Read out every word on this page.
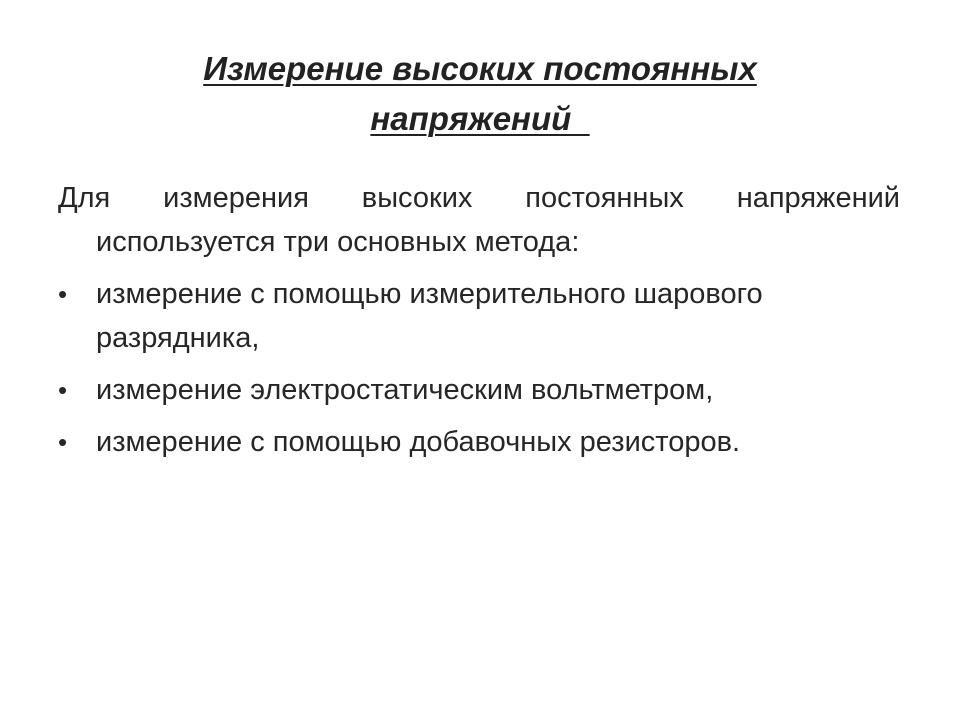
Измерение высоких постоянных
напряжений

Для измерения высоких постоянных напряжений используется три основных метода:

• измерение с помощью измерительного шарового разрядника,
• измерение электростатическим вольтметром,
• измерение с помощью добавочных резисторов.
